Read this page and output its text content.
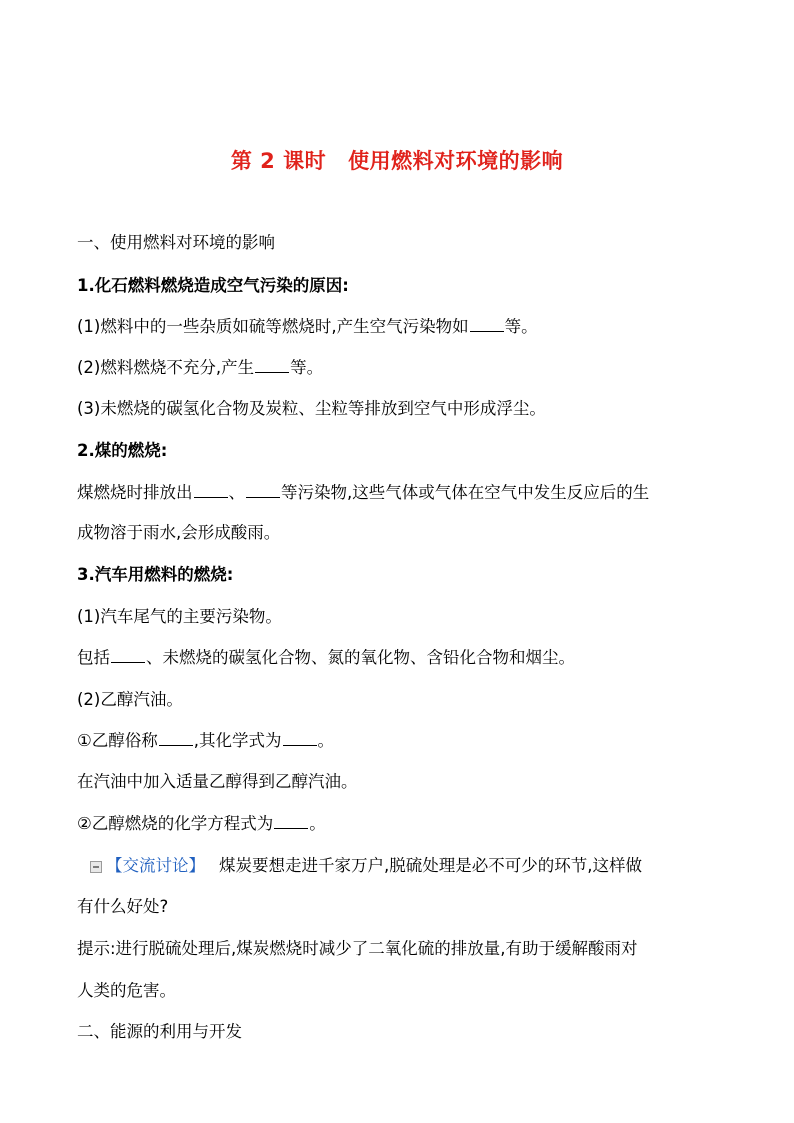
第 2 课时 使用燃料对环境的影响
一、使用燃料对环境的影响
1.化石燃料燃烧造成空气污染的原因:
(1)燃料中的一些杂质如硫等燃烧时,产生空气污染物如 等。
(2)燃料燃烧不充分,产生 等。
(3)未燃烧的碳氢化合物及炭粒、尘粒等排放到空气中形成浮尘。
2.煤的燃烧:
煤燃烧时排放出 、 等污染物,这些气体或气体在空气中发生反应后的生
成物溶于雨水,会形成酸雨。
3.汽车用燃料的燃烧:
(1)汽车尾气的主要污染物。
包括 、未燃烧的碳氢化合物、氮的氧化物、含铅化合物和烟尘。
(2)乙醇汽油。
①乙醇俗称 ,其化学式为 。
在汽油中加入适量乙醇得到乙醇汽油。
②乙醇燃烧的化学方程式为 。
【交流讨论】 煤炭要想走进千家万户,脱硫处理是必不可少的环节,这样做
有什么好处?
提示:进行脱硫处理后,煤炭燃烧时减少了二氧化硫的排放量,有助于缓解酸雨对
人类的危害。
二、能源的利用与开发
